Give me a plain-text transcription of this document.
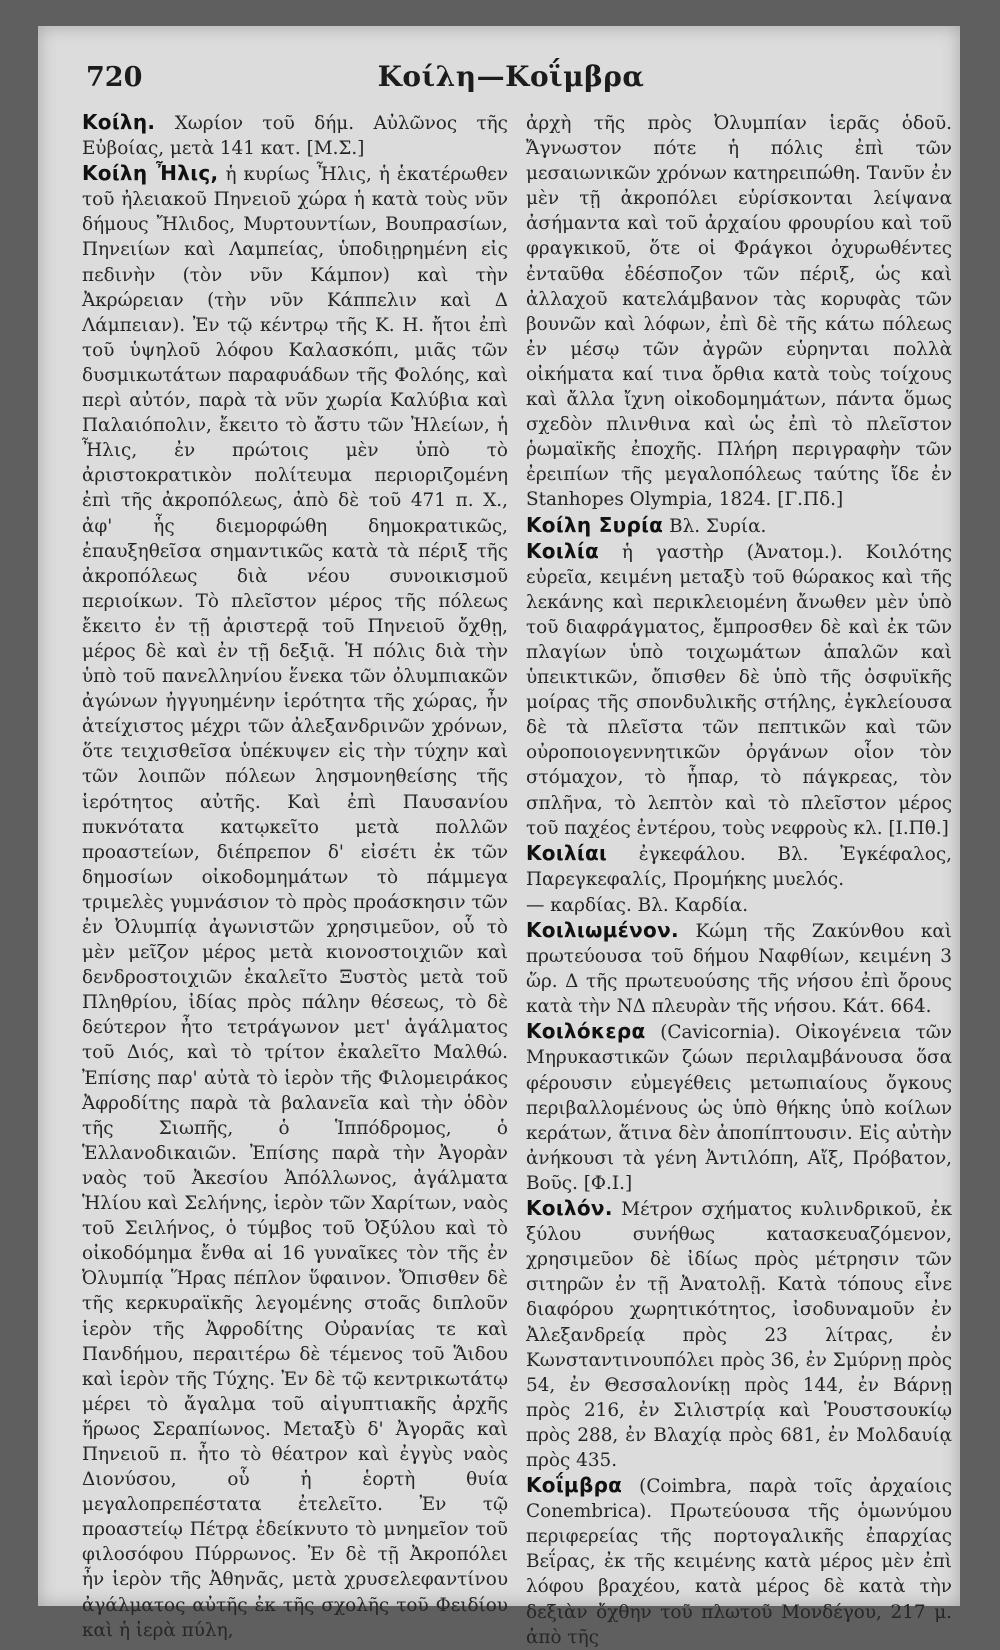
720	Κοίλη—Κοΐμβρα

Κοίλη. Χωρίον τοῦ δήμ. Αὐλῶνος τῆς Εὐβοίας, μετὰ 141 κατ. [Μ.Σ.]

Κοίλη Ἦλις, ἡ κυρίως Ἦλις, ἡ ἑκατέρωθεν τοῦ ἠλειακοῦ Πηνειοῦ χώρα ἡ κατὰ τοὺς νῦν δήμους Ἤλιδος, Μυρτουντίων, Βουπρασίων, Πηνειίων καὶ Λαμπείας, ὑποδιῃρημένη εἰς πεδινὴν (τὸν νῦν Κάμπον) καὶ τὴν Ἀκρώρειαν (τὴν νῦν Κάππελιν καὶ Δ Λάμπειαν). Ἐν τῷ κέντρῳ τῆς Κ. Η. ἤτοι ἐπὶ τοῦ ὑψηλοῦ λόφου Καλασκόπι, μιᾶς τῶν δυσμικωτάτων παραφυάδων τῆς Φολόης, καὶ περὶ αὐτόν, παρὰ τὰ νῦν χωρία Καλύβια καὶ Παλαιόπολιν, ἔκειτο τὸ ἄστυ τῶν Ἠλείων, ἡ Ἦλις, ἐν πρώτοις μὲν ὑπὸ τὸ ἀριστοκρατικὸν πολίτευμα περιοριζομένη ἐπὶ τῆς ἀκροπόλεως, ἀπὸ δὲ τοῦ 471 π. Χ., ἀφ' ἧς διεμορφώθη δημοκρατικῶς, ἐπαυξηθεῖσα σημαντικῶς κατὰ τὰ πέριξ τῆς ἀκροπόλεως διὰ νέου συνοικισμοῦ περιοίκων. Τὸ πλεῖστον μέρος τῆς πόλεως ἔκειτο ἐν τῇ ἀριστερᾷ τοῦ Πηνειοῦ ὄχθῃ, μέρος δὲ καὶ ἐν τῇ δεξιᾷ. Ἡ πόλις διὰ τὴν ὑπὸ τοῦ πανελληνίου ἕνεκα τῶν ὀλυμπιακῶν ἀγώνων ἠγγυημένην ἱερότητα τῆς χώρας, ἦν ἀτείχιστος μέχρι τῶν ἀλεξανδρινῶν χρόνων, ὅτε τειχισθεῖσα ὑπέκυψεν εἰς τὴν τύχην καὶ τῶν λοιπῶν πόλεων λησμονηθείσης τῆς ἱερότητος αὐτῆς. Καὶ ἐπὶ Παυσανίου πυκνότατα κατῳκεῖτο μετὰ πολλῶν προαστείων, διέπρεπον δ' εἰσέτι ἐκ τῶν δημοσίων οἰκοδομημάτων τὸ πάμμεγα τριμελὲς γυμνάσιον τὸ πρὸς προάσκησιν τῶν ἐν Ὀλυμπίᾳ ἀγωνιστῶν χρησιμεῦον, οὗ τὸ μὲν μεῖζον μέρος μετὰ κιονοστοιχιῶν καὶ δενδροστοιχιῶν ἐκαλεῖτο Ξυστὸς μετὰ τοῦ Πληθρίου, ἰδίας πρὸς πάλην θέσεως, τὸ δὲ δεύτερον ἦτο τετράγωνον μετ' ἀγάλματος τοῦ Διός, καὶ τὸ τρίτον ἐκαλεῖτο Μαλθώ. Ἐπίσης παρ' αὐτὰ τὸ ἱερὸν τῆς Φιλομειράκος Ἀφροδίτης παρὰ τὰ βαλανεῖα καὶ τὴν ὁδὸν τῆς Σιωπῆς, ὁ Ἱππόδρομος, ὁ Ἑλλανοδικαιῶν. Ἐπίσης παρὰ τὴν Ἀγορὰν ναὸς τοῦ Ἀκεσίου Ἀπόλλωνος, ἀγάλματα Ἡλίου καὶ Σελήνης, ἱερὸν τῶν Χαρίτων, ναὸς τοῦ Σειλήνος, ὁ τύμβος τοῦ Ὀξύλου καὶ τὸ οἰκοδόμημα ἔνθα αἱ 16 γυναῖκες τὸν τῆς ἐν Ὀλυμπίᾳ Ἥρας πέπλον ὕφαινον. Ὄπισθεν δὲ τῆς κερκυραϊκῆς λεγομένης στοᾶς διπλοῦν ἱερὸν τῆς Ἀφροδίτης Οὐρανίας τε καὶ Πανδήμου, περαιτέρω δὲ τέμενος τοῦ Ἅιδου καὶ ἱερὸν τῆς Τύχης. Ἐν δὲ τῷ κεντρικωτάτῳ μέρει τὸ ἄγαλμα τοῦ αἰγυπτιακῆς ἀρχῆς ἥρωος Σεραπίωνος. Μεταξὺ δ' Ἀγορᾶς καὶ Πηνειοῦ π. ἦτο τὸ θέατρον καὶ ἐγγὺς ναὸς Διονύσου, οὗ ἡ ἑορτὴ θυία μεγαλοπρεπέστατα ἐτελεῖτο. Ἐν τῷ προαστείῳ Πέτρᾳ ἐδείκνυτο τὸ μνημεῖον τοῦ φιλοσόφου Πύρρωνος. Ἐν δὲ τῇ Ἀκροπόλει ἦν ἱερὸν τῆς Ἀθηνᾶς, μετὰ χρυσελεφαντίνου ἀγάλματος αὐτῆς ἐκ τῆς σχολῆς τοῦ Φειδίου καὶ ἡ ἱερὰ πύλη,

ἀρχὴ τῆς πρὸς Ὀλυμπίαν ἱερᾶς ὁδοῦ. Ἄγνωστον πότε ἡ πόλις ἐπὶ τῶν μεσαιωνικῶν χρόνων κατηρειπώθη. Τανῦν ἐν μὲν τῇ ἀκροπόλει εὑρίσκονται λείψανα ἀσήμαντα καὶ τοῦ ἀρχαίου φρουρίου καὶ τοῦ φραγκικοῦ, ὅτε οἱ Φράγκοι ὀχυρωθέντες ἐνταῦθα ἐδέσποζον τῶν πέριξ, ὡς καὶ ἀλλαχοῦ κατελάμβανον τὰς κορυφὰς τῶν βουνῶν καὶ λόφων, ἐπὶ δὲ τῆς κάτω πόλεως ἐν μέσῳ τῶν ἀγρῶν εὑρηνται πολλὰ οἰκήματα καί τινα ὄρθια κατὰ τοὺς τοίχους καὶ ἄλλα ἴχνη οἰκοδομημάτων, πάντα ὅμως σχεδὸν πλινθινα καὶ ὡς ἐπὶ τὸ πλεῖστον ῥωμαϊκῆς ἐποχῆς. Πλήρη περιγραφὴν τῶν ἐρειπίων τῆς μεγαλοπόλεως ταύτης ἴδε ἐν Stanhopes Olympia, 1824. [Γ.Πδ.]

Κοίλη Συρία Βλ. Συρία.

Κοιλία ἡ γαστὴρ (Ἀνατομ.). Κοιλότης εὐρεῖα, κειμένη μεταξὺ τοῦ θώρακος καὶ τῆς λεκάνης καὶ περικλειομένη ἄνωθεν μὲν ὑπὸ τοῦ διαφράγματος, ἔμπροσθεν δὲ καὶ ἐκ τῶν πλαγίων ὑπὸ τοιχωμάτων ἁπαλῶν καὶ ὑπεικτικῶν, ὄπισθεν δὲ ὑπὸ τῆς ὀσφυϊκῆς μοίρας τῆς σπονδυλικῆς στήλης, ἐγκλείουσα δὲ τὰ πλεῖστα τῶν πεπτικῶν καὶ τῶν οὐροποιογεννητικῶν ὀργάνων οἷον τὸν στόμαχον, τὸ ἧπαρ, τὸ πάγκρεας, τὸν σπλῆνα, τὸ λεπτὸν καὶ τὸ πλεῖστον μέρος τοῦ παχέος ἐντέρου, τοὺς νεφροὺς κλ. [Ι.Πθ.]

Κοιλίαι ἐγκεφάλου. Βλ. Ἐγκέφαλος, Παρεγκεφαλίς, Προμήκης μυελός.

— καρδίας. Βλ. Καρδία.

Κοιλιωμένον. Κώμη τῆς Ζακύνθου καὶ πρωτεύουσα τοῦ δήμου Ναφθίων, κειμένη 3 ὥρ. Δ τῆς πρωτευούσης τῆς νήσου ἐπὶ ὄρους κατὰ τὴν ΝΔ πλευρὰν τῆς νήσου. Κάτ. 664.

Κοιλόκερα (Cavicornia). Οἰκογένεια τῶν Μηρυκαστικῶν ζώων περιλαμβάνουσα ὅσα φέρουσιν εὐμεγέθεις μετωπιαίους ὄγκους περιβαλλομένους ὡς ὑπὸ θήκης ὑπὸ κοίλων κεράτων, ἅτινα δὲν ἀποπίπτουσιν. Εἰς αὐτὴν ἀνήκουσι τὰ γένη Ἀντιλόπη, Αἴξ, Πρόβατον, Βοῦς. [Φ.Ι.]

Κοιλόν. Μέτρον σχήματος κυλινδρικοῦ, ἐκ ξύλου συνήθως κατασκευαζόμενον, χρησιμεῦον δὲ ἰδίως πρὸς μέτρησιν τῶν σιτηρῶν ἐν τῇ Ἀνατολῇ. Κατὰ τόπους εἶνε διαφόρου χωρητικότητος, ἰσοδυναμοῦν ἐν Ἀλεξανδρείᾳ πρὸς 23 λίτρας, ἐν Κωνσταντινουπόλει πρὸς 36, ἐν Σμύρνῃ πρὸς 54, ἐν Θεσσαλονίκῃ πρὸς 144, ἐν Βάρνῃ πρὸς 216, ἐν Σιλιστρίᾳ καὶ Ῥουστσουκίῳ πρὸς 288, ἐν Βλαχίᾳ πρὸς 681, ἐν Μολδαυίᾳ πρὸς 435.

Κοΐμβρα (Coimbra, παρὰ τοῖς ἀρχαίοις Conembrica). Πρωτεύουσα τῆς ὁμωνύμου περιφερείας τῆς πορτογαλικῆς ἐπαρχίας Βεΐρας, ἐκ τῆς κειμένης κατὰ μέρος μὲν ἐπὶ λόφου βραχέου, κατὰ μέρος δὲ κατὰ τὴν δεξιὰν ὄχθην τοῦ πλωτοῦ Μονδέγου, 217 μ. ἀπὸ τῆς
